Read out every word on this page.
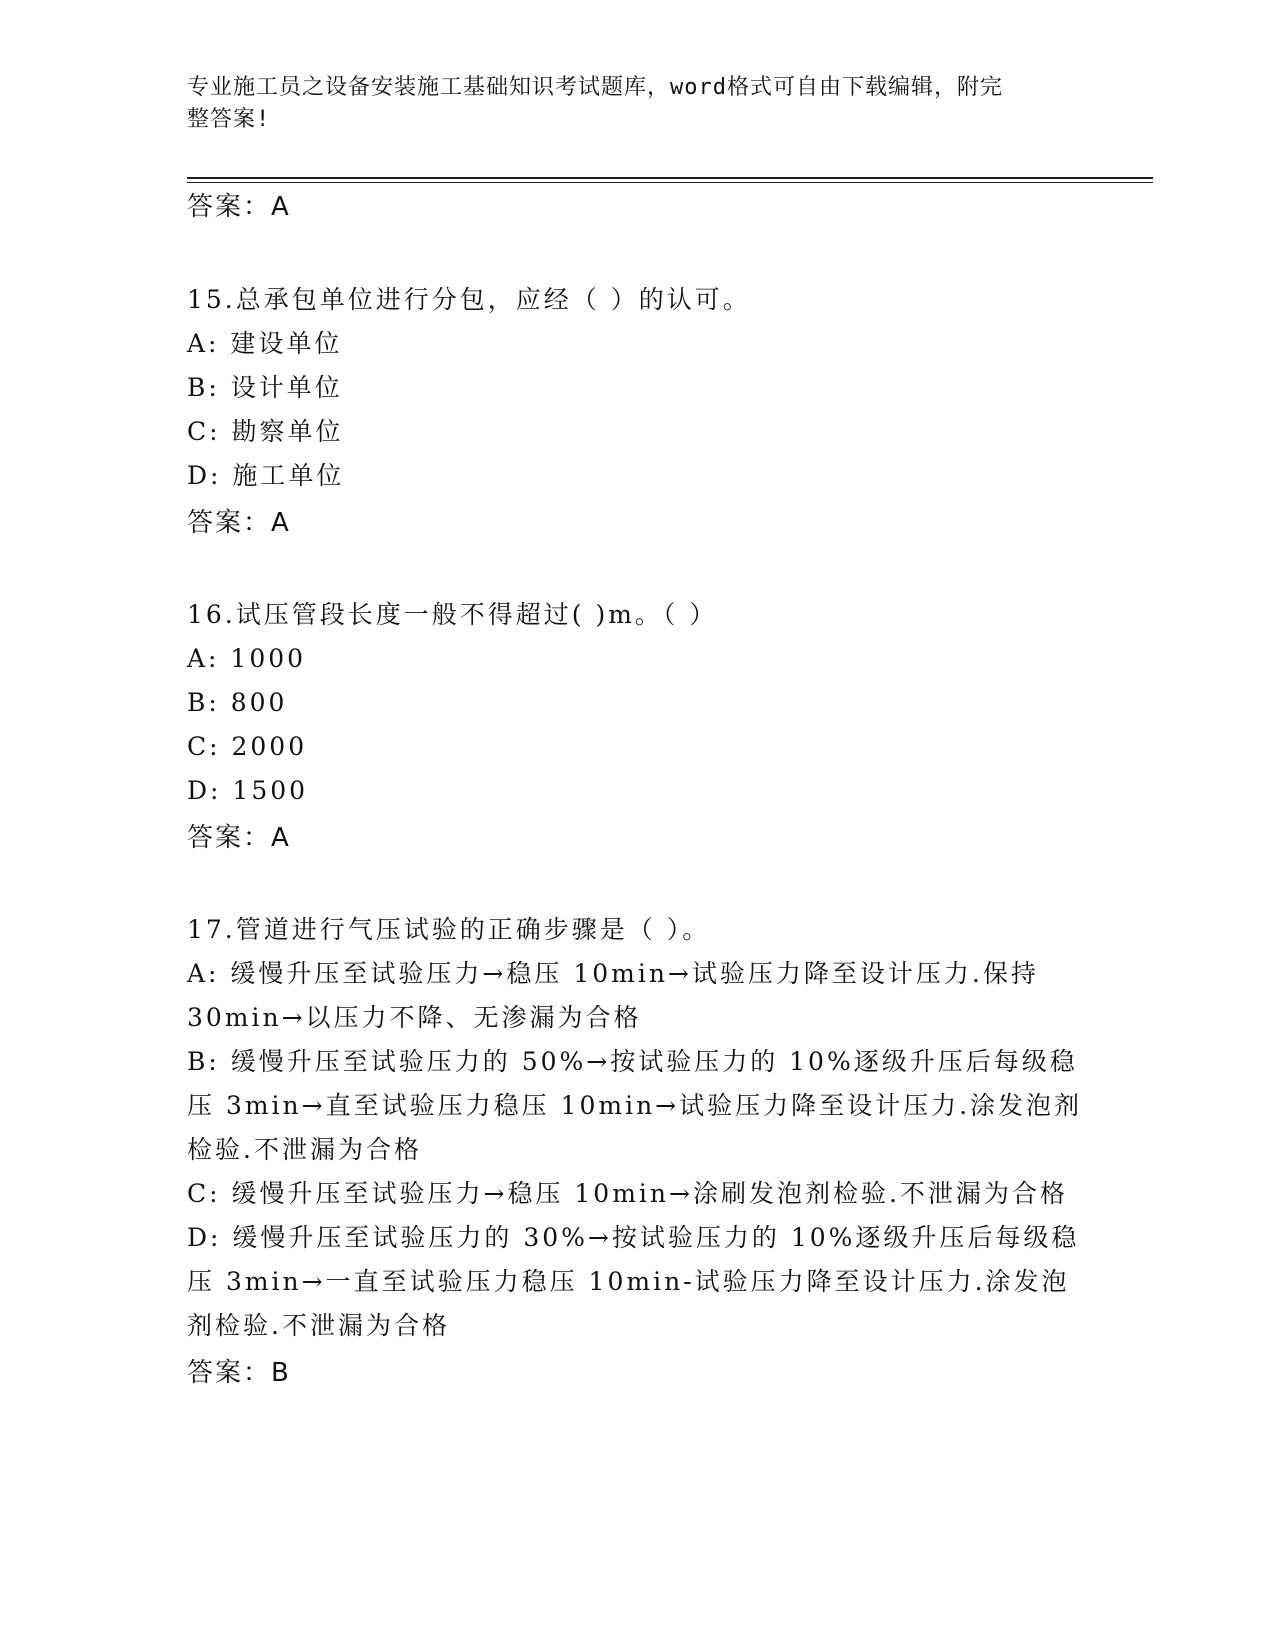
专业施工员之设备安装施工基础知识考试题库，word格式可自由下载编辑，附完
整答案!
答案：A
15.总承包单位进行分包，应经（ ）的认可。
A: 建设单位
B: 设计单位
C: 勘察单位
D: 施工单位
答案：A
16.试压管段长度一般不得超过( )m。（ ）
A: 1000
B: 800
C: 2000
D: 1500
答案：A
17.管道进行气压试验的正确步骤是（ ）。
A: 缓慢升压至试验压力→稳压 10min→试验压力降至设计压力.保持
30min→以压力不降、无渗漏为合格
B: 缓慢升压至试验压力的 50%→按试验压力的 10%逐级升压后每级稳
压 3min→直至试验压力稳压 10min→试验压力降至设计压力.涂发泡剂
检验.不泄漏为合格
C: 缓慢升压至试验压力→稳压 10min→涂刷发泡剂检验.不泄漏为合格
D: 缓慢升压至试验压力的 30%→按试验压力的 10%逐级升压后每级稳
压 3min→一直至试验压力稳压 10min-试验压力降至设计压力.涂发泡
剂检验.不泄漏为合格
答案：B
